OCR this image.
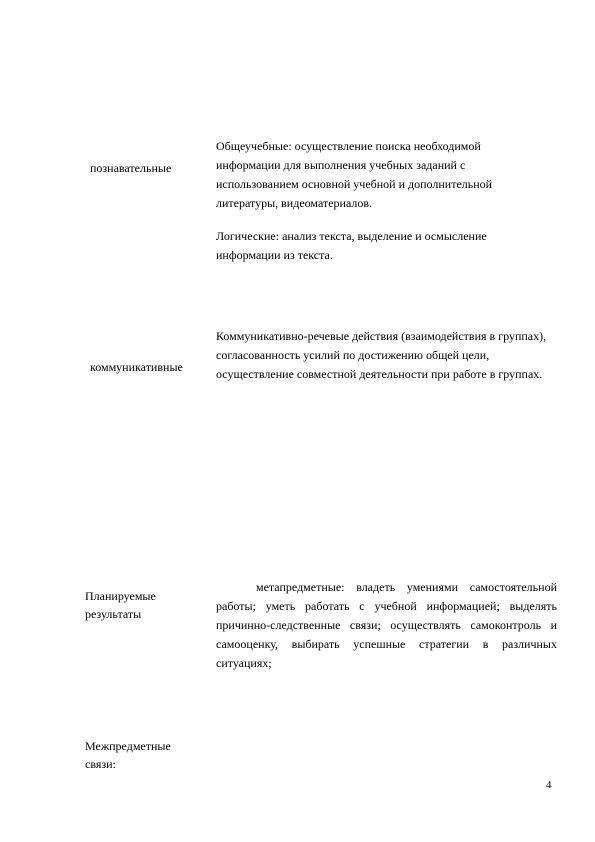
познавательные

Общеучебные: осуществление поиска необходимой информации для выполнения учебных заданий с использованием основной учебной и дополнительной литературы, видеоматериалов.

Логические: анализ текста, выделение и осмысление информации из текста.

коммуникативные
Коммуникативно-речевые действия (взаимодействия в группах), согласованность усилий по достижению общей цели, осуществление совместной деятельности при работе в группах.
Планируемые результаты
метапредметные: владеть умениями самостоятельной работы; уметь работать с учебной информацией; выделять причинно-следственные связи; осуществлять самоконтроль и самооценку, выбирать успешные стратегии в различных ситуациях;
Межпредметные связи:
4
